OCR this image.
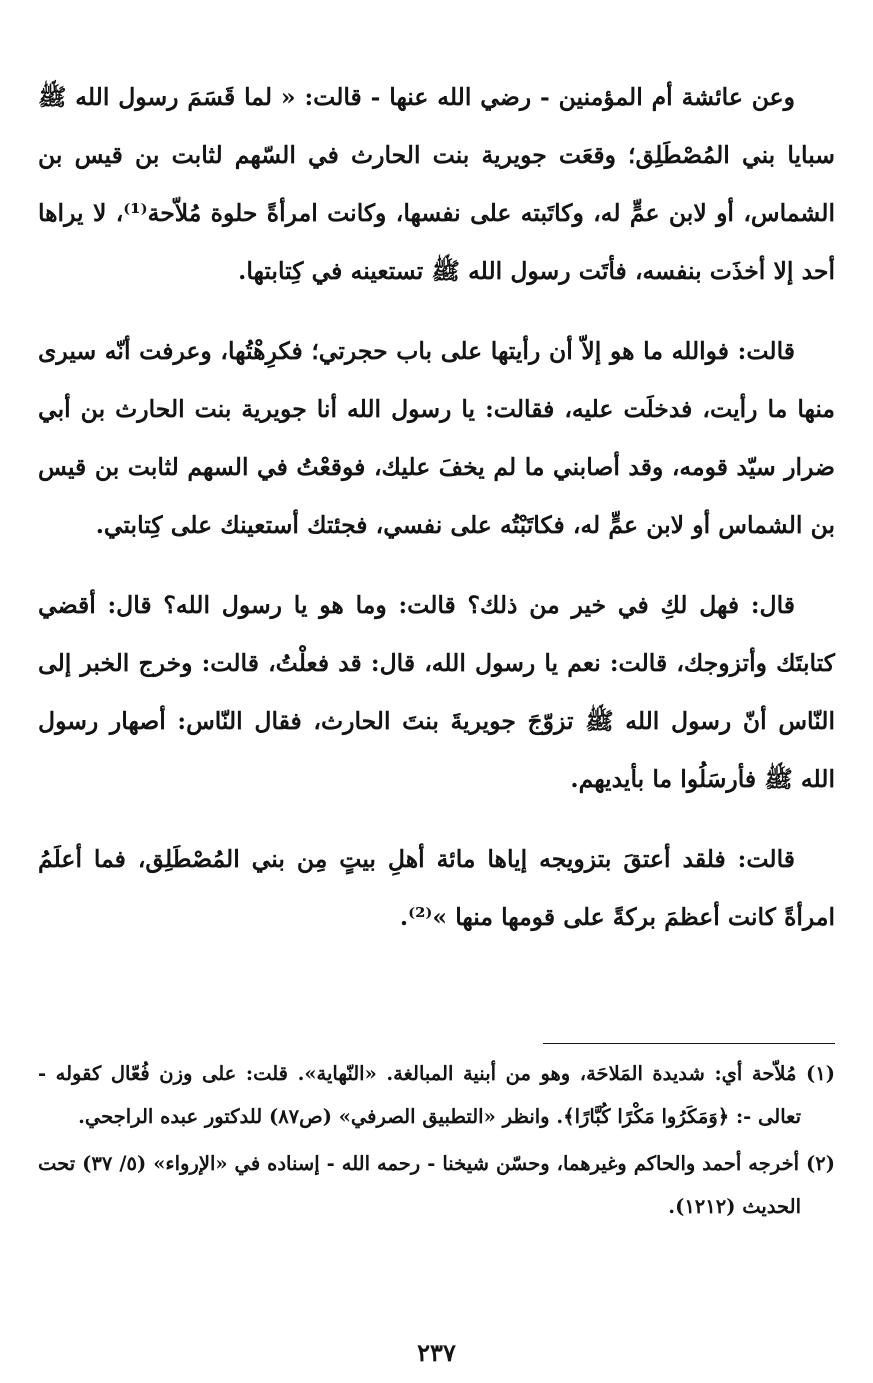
وعن عائشة أم المؤمنين - رضي الله عنها - قالت: « لما قَسَمَ رسول الله ﷺ سبايا بني المُصْطَلِق؛ وقعَت جويرية بنت الحارث في السّهم لثابت بن قيس بن الشماس، أو لابن عمٍّ له، وكاتَبته على نفسها، وكانت امرأةً حلوة مُلاّحة⁽¹⁾، لا يراها أحد إلا أخذَت بنفسه، فأتَت رسول الله ﷺ تستعينه في كِتابتها.

قالت: فوالله ما هو إلاّ أن رأيتها على باب حجرتي؛ فكرِهْتُها، وعرفت أنّه سيرى منها ما رأيت، فدخلَت عليه، فقالت: يا رسول الله أنا جويرية بنت الحارث بن أبي ضرار سيّد قومه، وقد أصابني ما لم يخفَ عليك، فوقعْتُ في السهم لثابت بن قيس بن الشماس أو لابن عمٍّ له، فكاتَبْتُه على نفسي، فجئتك أستعينك على كِتابتي.

قال: فهل لكِ في خير من ذلك؟ قالت: وما هو يا رسول الله؟ قال: أقضي كتابتَك وأتزوجك، قالت: نعم يا رسول الله، قال: قد فعلْتُ، قالت: وخرج الخبر إلى النّاس أنّ رسول الله ﷺ تزوّجَ جويريةَ بنتَ الحارث، فقال النّاس: أصهار رسول الله ﷺ فأرسَلُوا ما بأيديهم.

قالت: فلقد أعتقَ بتزويجه إياها مائة أهلِ بيتٍ مِن بني المُصْطَلِق، فما أعلَمُ امرأةً كانت أعظمَ بركةً على قومها منها »⁽²⁾.

(١) مُلاّحة أي: شديدة المَلاحَة، وهو من أبنية المبالغة. «النّهاية». قلت: على وزن فُعّال كقوله - تعالى -: ﴿وَمَكَرُوا مَكْرًا كُبَّارًا﴾. وانظر «التطبيق الصرفي» (ص٨٧) للدكتور عبده الراجحي.

(٢) أخرجه أحمد والحاكم وغيرهما، وحسّن شيخنا - رحمه الله - إسناده في «الإرواء» (٥/ ٣٧) تحت الحديث (١٢١٢).

٢٣٧
